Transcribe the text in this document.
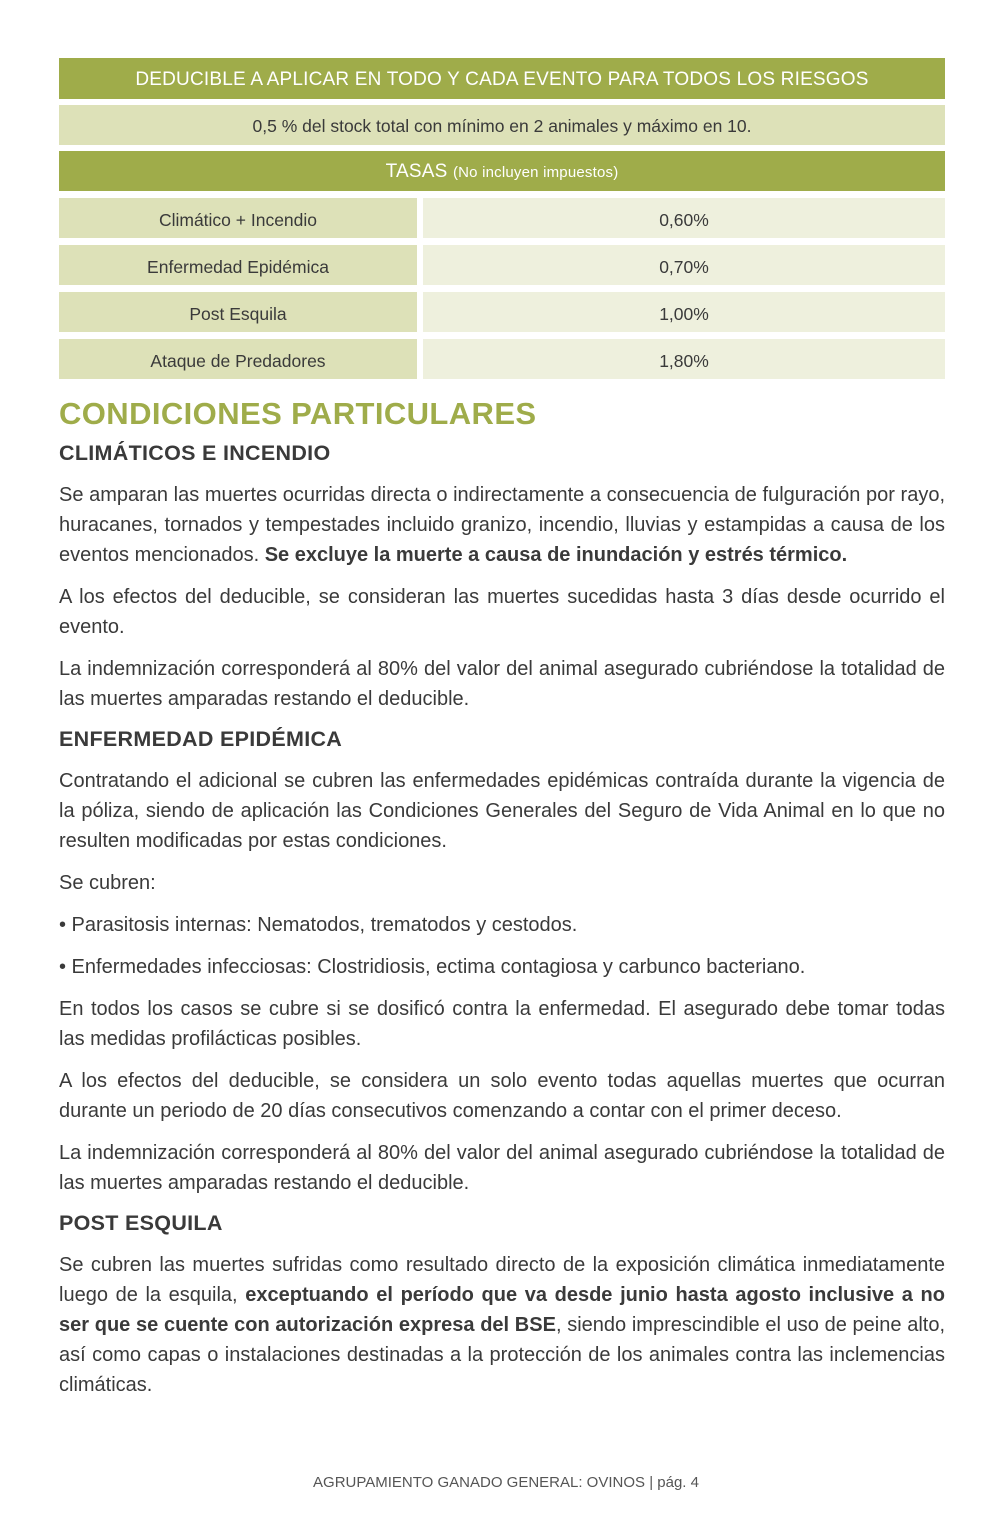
DEDUCIBLE A APLICAR EN TODO Y CADA EVENTO PARA TODOS LOS RIESGOS
0,5 % del stock total con mínimo en 2 animales y máximo en 10.
TASAS (No incluyen impuestos)
Climático + Incendio	0,60%
Enfermedad Epidémica	0,70%
Post Esquila	1,00%
Ataque de Predadores	1,80%
CONDICIONES PARTICULARES
CLIMÁTICOS E INCENDIO

Se amparan las muertes ocurridas directa o indirectamente a consecuencia de fulguración por rayo, huracanes, tornados y tempestades incluido granizo, incendio, lluvias y estampidas a causa de los eventos mencionados. Se excluye la muerte a causa de inundación y estrés térmico.

A los efectos del deducible, se consideran las muertes sucedidas hasta 3 días desde ocurrido el evento.

La indemnización corresponderá al 80% del valor del animal asegurado cubriéndose la totalidad de las muertes amparadas restando el deducible.

ENFERMEDAD EPIDÉMICA

Contratando el adicional se cubren las enfermedades epidémicas contraída durante la vigencia de la póliza, siendo de aplicación las Condiciones Generales del Seguro de Vida Animal en lo que no resulten modificadas por estas condiciones.

Se cubren:

• Parasitosis internas: Nematodos, trematodos y cestodos.

• Enfermedades infecciosas: Clostridiosis, ectima contagiosa y carbunco bacteriano.

En todos los casos se cubre si se dosificó contra la enfermedad. El asegurado debe tomar todas las medidas profilácticas posibles.

A los efectos del deducible, se considera un solo evento todas aquellas muertes que ocurran durante un periodo de 20 días consecutivos comenzando a contar con el primer deceso.

La indemnización corresponderá al 80% del valor del animal asegurado cubriéndose la totalidad de las muertes amparadas restando el deducible.

POST ESQUILA

Se cubren las muertes sufridas como resultado directo de la exposición climática inmediatamente luego de la esquila, exceptuando el período que va desde junio hasta agosto inclusive a no ser que se cuente con autorización expresa del BSE, siendo imprescindible el uso de peine alto, así como capas o instalaciones destinadas a la protección de los animales contra las inclemencias climáticas.

AGRUPAMIENTO GANADO GENERAL: OVINOS | pág. 4
